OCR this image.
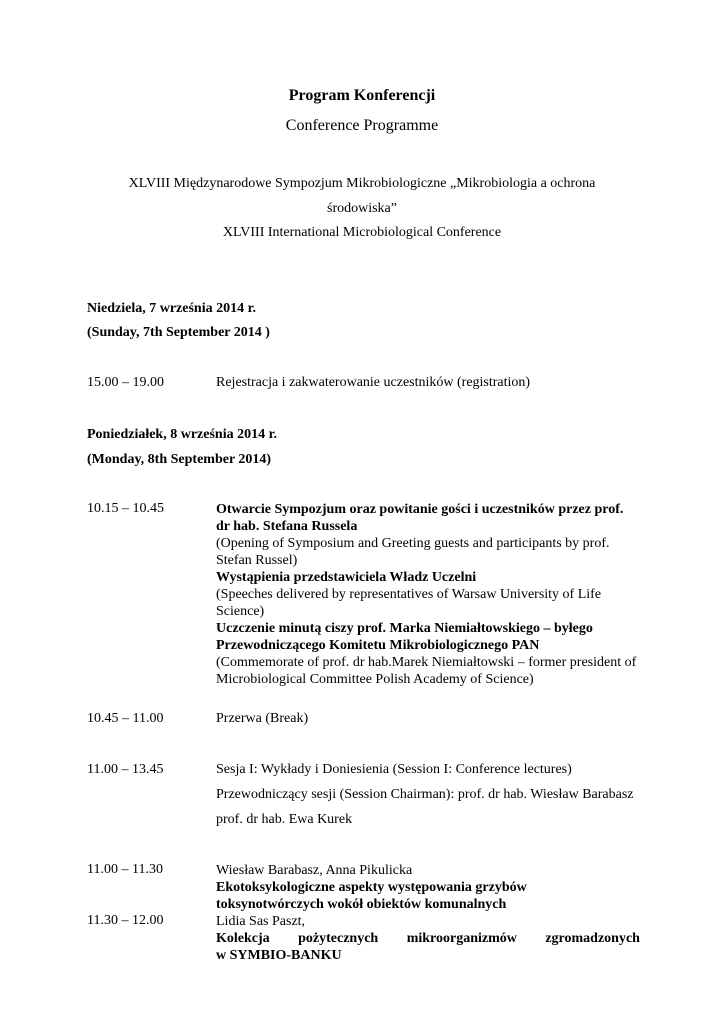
Program Konferencji
Conference Programme
XLVIII Międzynarodowe Sympozjum Mikrobiologiczne „Mikrobiologia a ochrona
środowiska”
XLVIII International Microbiological Conference
Niedziela, 7 września 2014 r.
(Sunday, 7th September 2014 )
15.00 – 19.00	Rejestracja i zakwaterowanie uczestników (registration)
Poniedziałek, 8 września 2014 r.
(Monday, 8th September 2014)
10.15 – 10.45	Otwarcie Sympozjum oraz powitanie gości i uczestników przez prof.
dr hab. Stefana Russela
(Opening of Symposium and Greeting guests and participants by prof.
Stefan Russel)
Wystąpienia przedstawiciela Władz Uczelni
(Speeches delivered by representatives of Warsaw University of Life
Science)
Uczczenie minutą ciszy prof. Marka Niemiałtowskiego – byłego
Przewodniczącego Komitetu Mikrobiologicznego PAN
(Commemorate of prof. dr hab.Marek Niemiałtowski – former president of
Microbiological Committee Polish Academy of Science)
10.45 – 11.00	Przerwa (Break)
11.00 – 13.45	Sesja I: Wykłady i Doniesienia (Session I: Conference lectures)
Przewodniczący sesji (Session Chairman): prof. dr hab. Wiesław Barabasz
prof. dr hab. Ewa Kurek
11.00 – 11.30	Wiesław Barabasz, Anna Pikulicka
Ekotoksykologiczne aspekty występowania grzybów
toksynotwórczych wokół obiektów komunalnych
11.30 – 12.00	Lidia Sas Paszt,
Kolekcja pożytecznych mikroorganizmów zgromadzonych
w SYMBIO-BANKU
